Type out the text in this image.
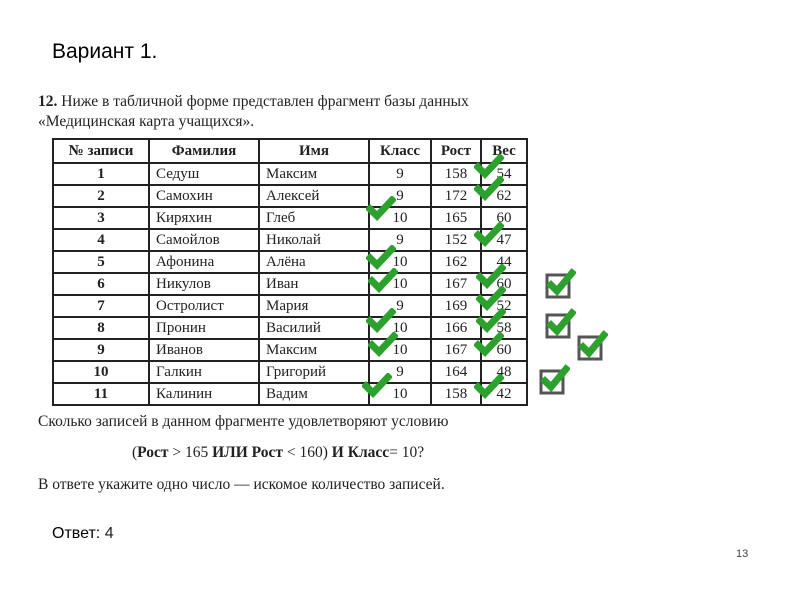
Вариант 1.
12. Ниже в табличной форме представлен фрагмент базы данных
«Медицинская карта учащихся».
№ записи	Фамилия	Имя	Класс	Рост	Вес
1	Седуш	Максим	9	158	54
2	Самохин	Алексей	9	172	62
3	Киряхин	Глеб	10	165	60
4	Самойлов	Николай	9	152	47
5	Афонина	Алёна	10	162	44
6	Никулов	Иван	10	167	60
7	Остролист	Мария	9	169	52
8	Пронин	Василий	10	166	58
9	Иванов	Максим	10	167	60
10	Галкин	Григорий	9	164	48
11	Калинин	Вадим	10	158	42
Сколько записей в данном фрагменте удовлетворяют условию
(Рост > 165 ИЛИ Рост < 160) И Класс= 10?
В ответе укажите одно число — искомое количество записей.
Ответ: 4
13
